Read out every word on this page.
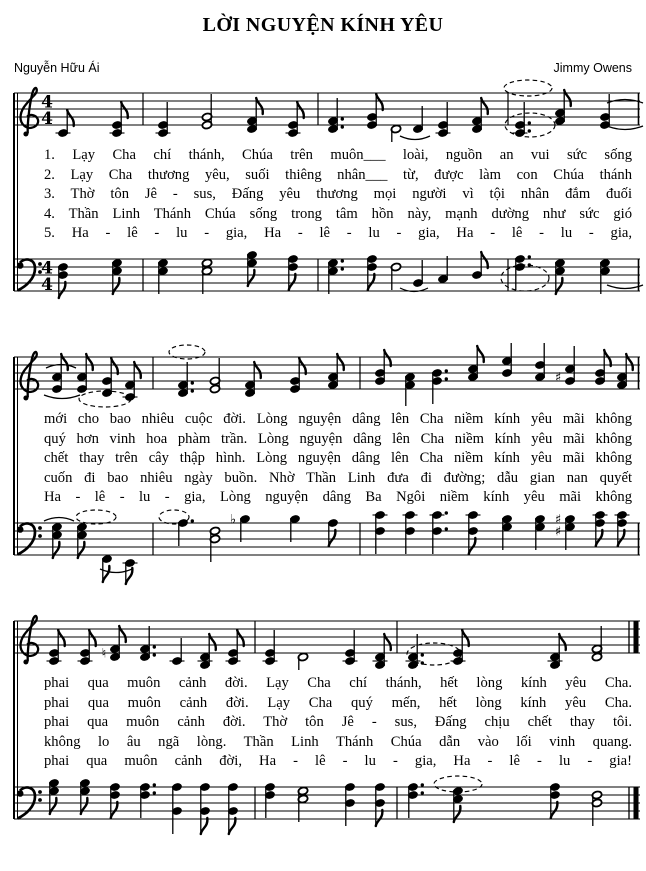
LỜI NGUYỆN KÍNH YÊU
Nguyễn Hữu Ái	Jimmy Owens
4
4

1. Lạy Cha chí thánh, Chúa trên muôn___ loài, nguồn an vui sức sống

2. Lạy Cha thương yêu, suối thiêng nhân___ từ, được làm con Chúa thánh

3. Thờ tôn Jê - sus, Đấng yêu thương mọi người vì tội nhân đắm đuối

4. Thần Linh Thánh Chúa sống trong tâm hồn này, mạnh dường như sức gió

5. Ha - lê - lu - gia, Ha - lê - lu - gia, Ha - lê - lu - gia,

4
4
♯

mới cho bao nhiêu cuộc đời. Lòng nguyện dâng lên Cha niềm kính yêu mãi không

quý hơn vinh hoa phàm trần. Lòng nguyện dâng lên Cha niềm kính yêu mãi không

chết thay trên cây thập hình. Lòng nguyện dâng lên Cha niềm kính yêu mãi không

cuốn đi bao nhiêu ngày buồn. Nhờ Thần Linh đưa đi đường; dẫu gian nan quyết

Ha - lê - lu - gia, Lòng nguyện dâng Ba Ngôi niềm kính yêu mãi không

♭	♯
♯
♮

phai qua muôn cảnh đời. Lạy Cha chí thánh, hết lòng kính yêu Cha.

phai qua muôn cảnh đời. Lạy Cha quý mến, hết lòng kính yêu Cha.

phai qua muôn cảnh đời. Thờ tôn Jê - sus, Đấng chịu chết thay tôi.

không lo âu ngã lòng. Thần Linh Thánh Chúa dẫn vào lối vinh quang.

phai qua muôn cảnh đời, Ha - lê - lu - gia, Ha - lê - lu - gia!
